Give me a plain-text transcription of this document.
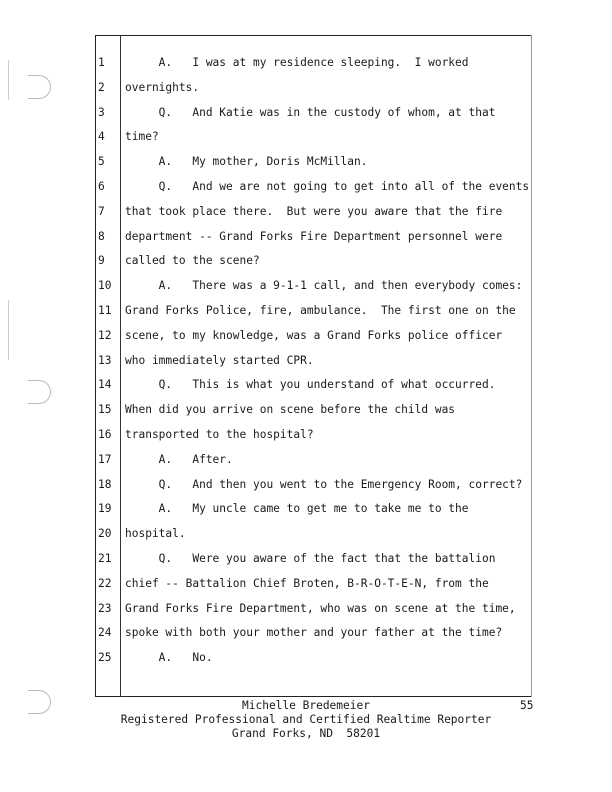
1	A.   I was at my residence sleeping.  I worked
2	overnights.
3	Q.   And Katie was in the custody of whom, at that
4	time?
5	A.   My mother, Doris McMillan.
6	Q.   And we are not going to get into all of the events
7	that took place there.  But were you aware that the fire
8	department -- Grand Forks Fire Department personnel were
9	called to the scene?
10	A.   There was a 9-1-1 call, and then everybody comes:
11	Grand Forks Police, fire, ambulance.  The first one on the
12	scene, to my knowledge, was a Grand Forks police officer
13	who immediately started CPR.
14	Q.   This is what you understand of what occurred.
15	When did you arrive on scene before the child was
16	transported to the hospital?
17	A.   After.
18	Q.   And then you went to the Emergency Room, correct?
19	A.   My uncle came to get me to take me to the
20	hospital.
21	Q.   Were you aware of the fact that the battalion
22	chief -- Battalion Chief Broten, B-R-O-T-E-N, from the
23	Grand Forks Fire Department, who was on scene at the time,
24	spoke with both your mother and your father at the time?
25	A.   No.
Michelle Bredemeier	55
Registered Professional and Certified Realtime Reporter
Grand Forks, ND  58201
